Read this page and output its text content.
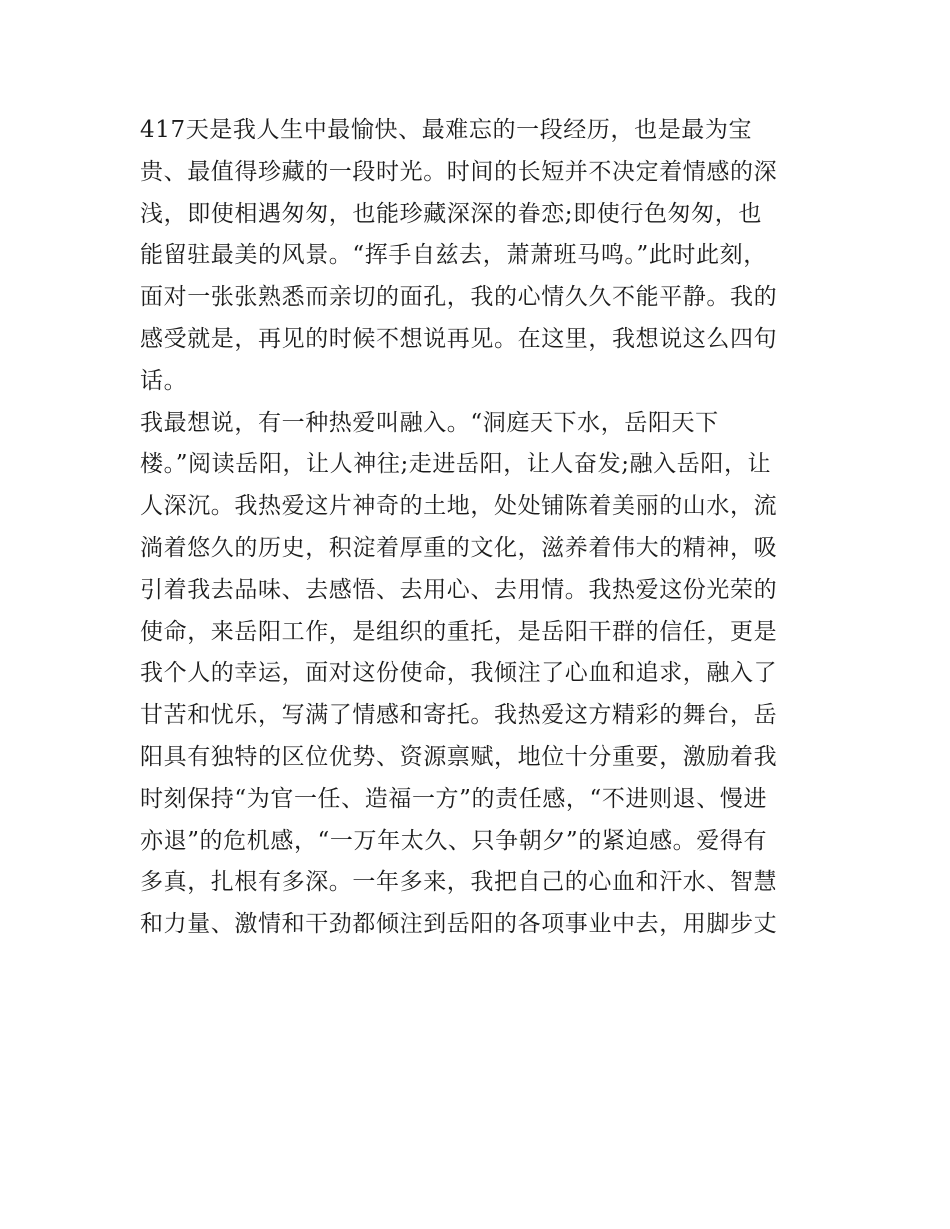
417天是我人生中最愉快、最难忘的一段经历，也是最为宝
贵、最值得珍藏的一段时光。时间的长短并不决定着情感的深
浅，即使相遇匆匆，也能珍藏深深的眷恋;即使行色匆匆，也
能留驻最美的风景。“挥手自兹去，萧萧班马鸣。”此时此刻，
面对一张张熟悉而亲切的面孔，我的心情久久不能平静。我的
感受就是，再见的时候不想说再见。在这里，我想说这么四句
话。
我最想说，有一种热爱叫融入。“洞庭天下水，岳阳天下
楼。”阅读岳阳，让人神往;走进岳阳，让人奋发;融入岳阳，让
人深沉。我热爱这片神奇的土地，处处铺陈着美丽的山水，流
淌着悠久的历史，积淀着厚重的文化，滋养着伟大的精神，吸
引着我去品味、去感悟、去用心、去用情。我热爱这份光荣的
使命，来岳阳工作，是组织的重托，是岳阳干群的信任，更是
我个人的幸运，面对这份使命，我倾注了心血和追求，融入了
甘苦和忧乐，写满了情感和寄托。我热爱这方精彩的舞台，岳
阳具有独特的区位优势、资源禀赋，地位十分重要，激励着我
时刻保持“为官一任、造福一方”的责任感，“不进则退、慢进
亦退”的危机感，“一万年太久、只争朝夕”的紧迫感。爱得有
多真，扎根有多深。一年多来，我把自己的心血和汗水、智慧
和力量、激情和干劲都倾注到岳阳的各项事业中去，用脚步丈
